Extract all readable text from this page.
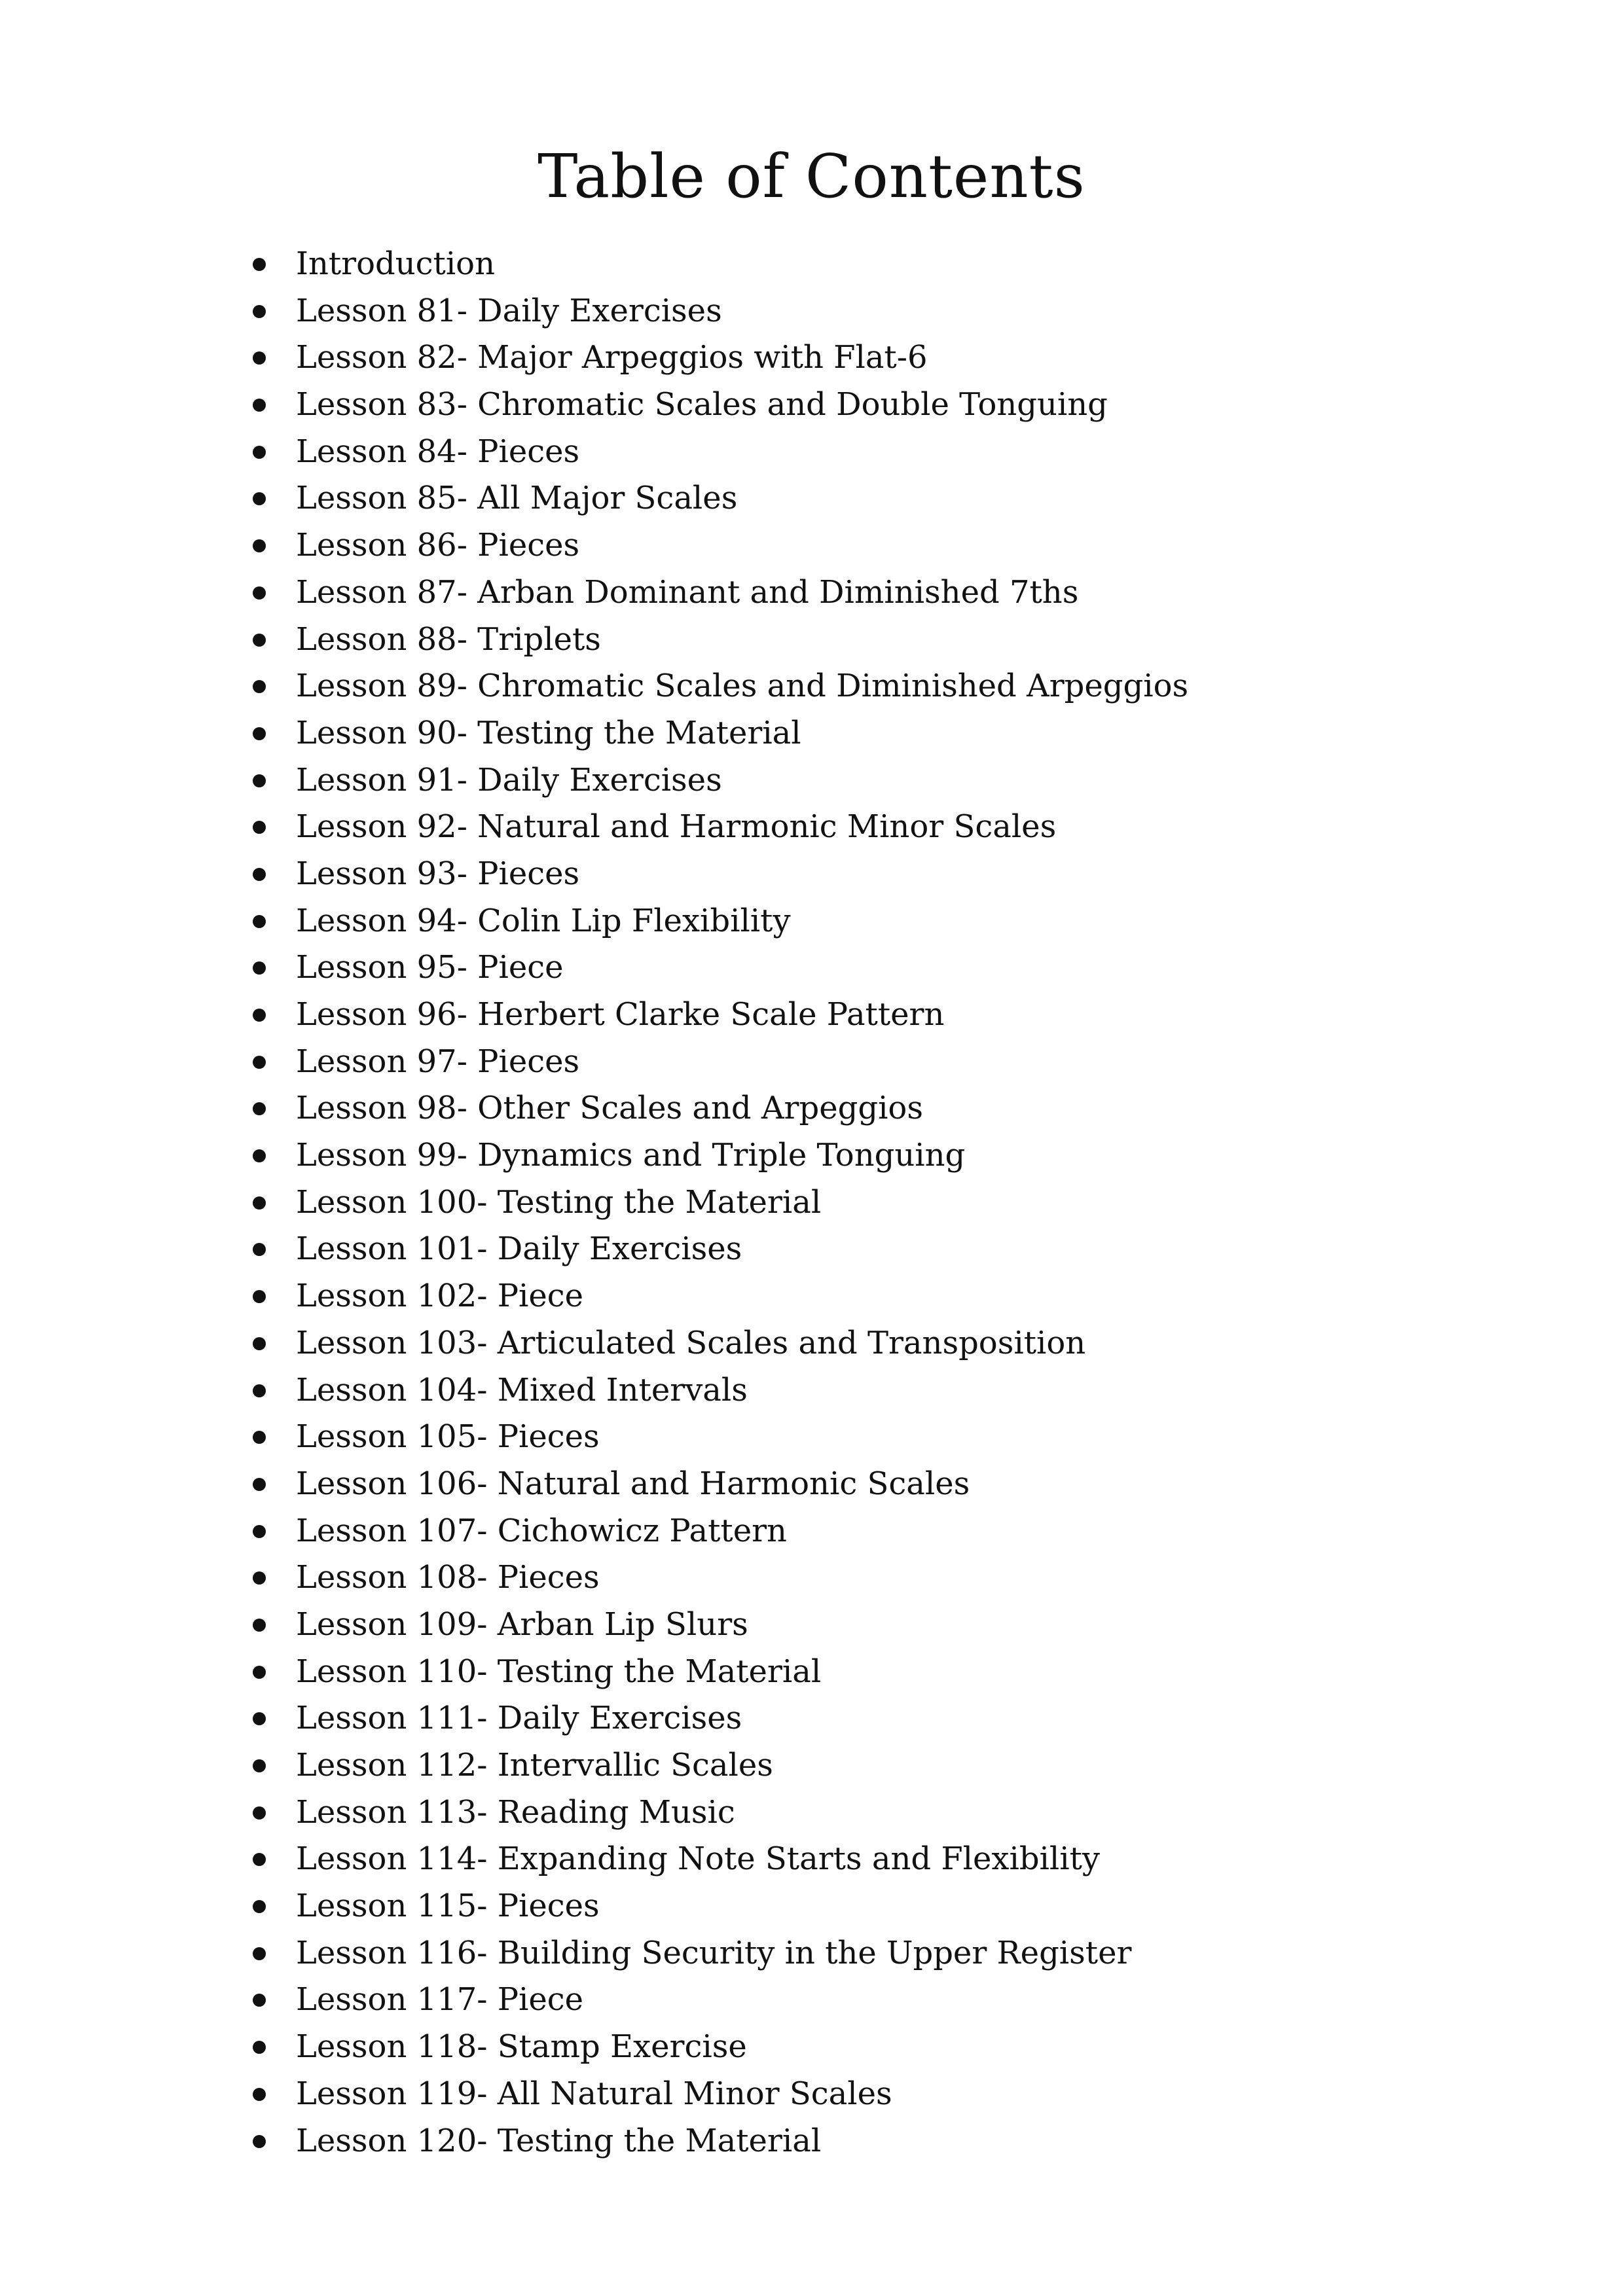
Table of Contents
Introduction
Lesson 81- Daily Exercises
Lesson 82- Major Arpeggios with Flat-6
Lesson 83- Chromatic Scales and Double Tonguing
Lesson 84- Pieces
Lesson 85- All Major Scales
Lesson 86- Pieces
Lesson 87- Arban Dominant and Diminished 7ths
Lesson 88- Triplets
Lesson 89- Chromatic Scales and Diminished Arpeggios
Lesson 90- Testing the Material
Lesson 91- Daily Exercises
Lesson 92- Natural and Harmonic Minor Scales
Lesson 93- Pieces
Lesson 94- Colin Lip Flexibility
Lesson 95- Piece
Lesson 96- Herbert Clarke Scale Pattern
Lesson 97- Pieces
Lesson 98- Other Scales and Arpeggios
Lesson 99- Dynamics and Triple Tonguing
Lesson 100- Testing the Material
Lesson 101- Daily Exercises
Lesson 102- Piece
Lesson 103- Articulated Scales and Transposition
Lesson 104- Mixed Intervals
Lesson 105- Pieces
Lesson 106- Natural and Harmonic Scales
Lesson 107- Cichowicz Pattern
Lesson 108- Pieces
Lesson 109- Arban Lip Slurs
Lesson 110- Testing the Material
Lesson 111- Daily Exercises
Lesson 112- Intervallic Scales
Lesson 113- Reading Music
Lesson 114- Expanding Note Starts and Flexibility
Lesson 115- Pieces
Lesson 116- Building Security in the Upper Register
Lesson 117- Piece
Lesson 118- Stamp Exercise
Lesson 119- All Natural Minor Scales
Lesson 120- Testing the Material
